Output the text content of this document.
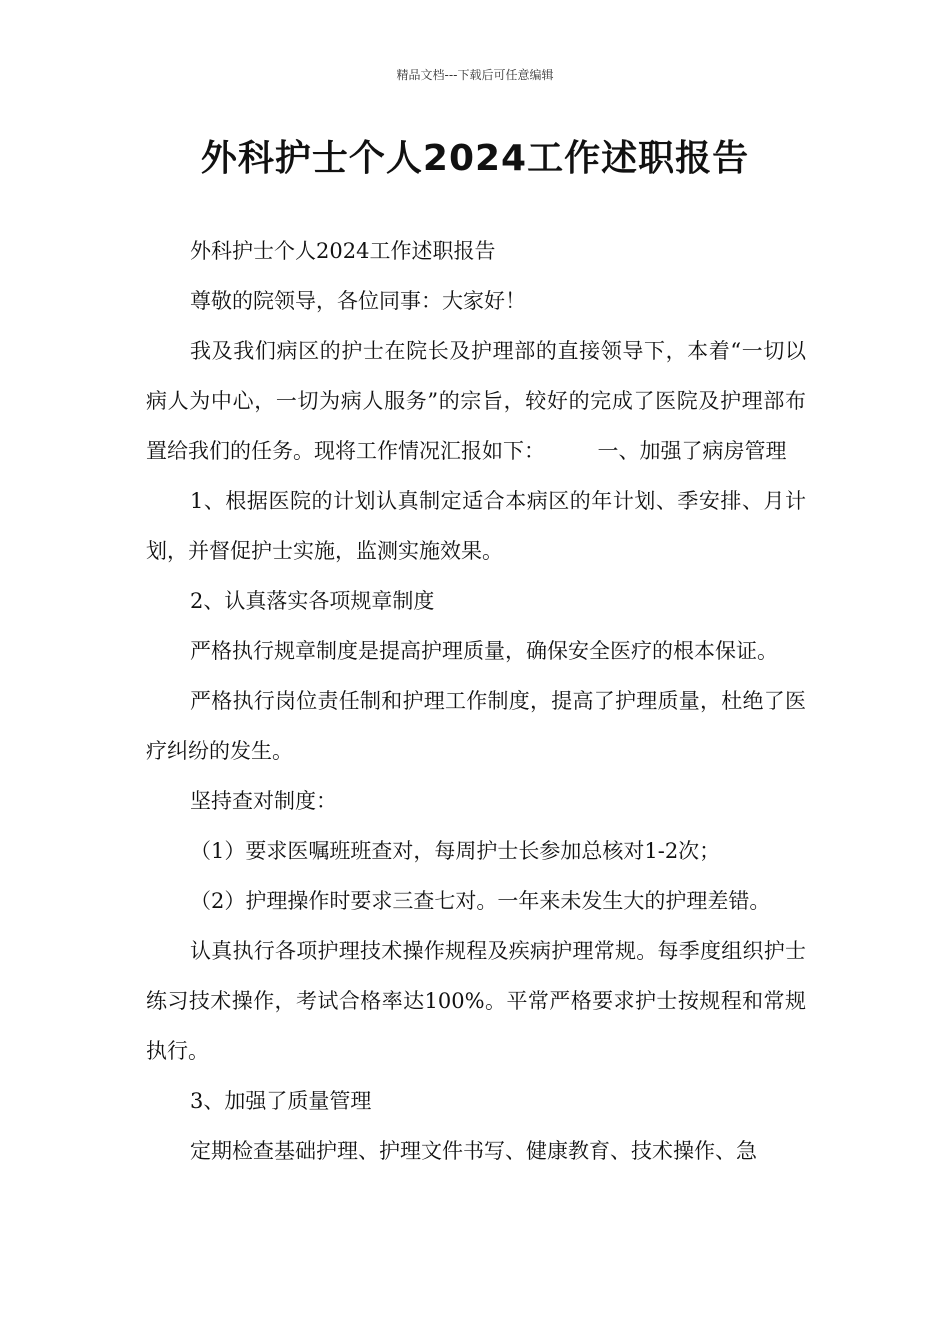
精品文档---下载后可任意编辑
外科护士个人2024工作述职报告

外科护士个人2024工作述职报告

尊敬的院领导，各位同事：大家好！

我及我们病区的护士在院长及护理部的直接领导下，本着“一切以病人为中心，一切为病人服务”的宗旨，较好的完成了医院及护理部布置给我们的任务。现将工作情况汇报如下：　　　一、加强了病房管理

1、根据医院的计划认真制定适合本病区的年计划、季安排、月计划，并督促护士实施，监测实施效果。

2、认真落实各项规章制度

严格执行规章制度是提高护理质量，确保安全医疗的根本保证。

严格执行岗位责任制和护理工作制度，提高了护理质量，杜绝了医疗纠纷的发生。

坚持查对制度：

（1）要求医嘱班班查对，每周护士长参加总核对1-2次；

（2）护理操作时要求三查七对。一年来未发生大的护理差错。

认真执行各项护理技术操作规程及疾病护理常规。每季度组织护士练习技术操作，考试合格率达100%。平常严格要求护士按规程和常规执行。

3、加强了质量管理

定期检查基础护理、护理文件书写、健康教育、技术操作、急
